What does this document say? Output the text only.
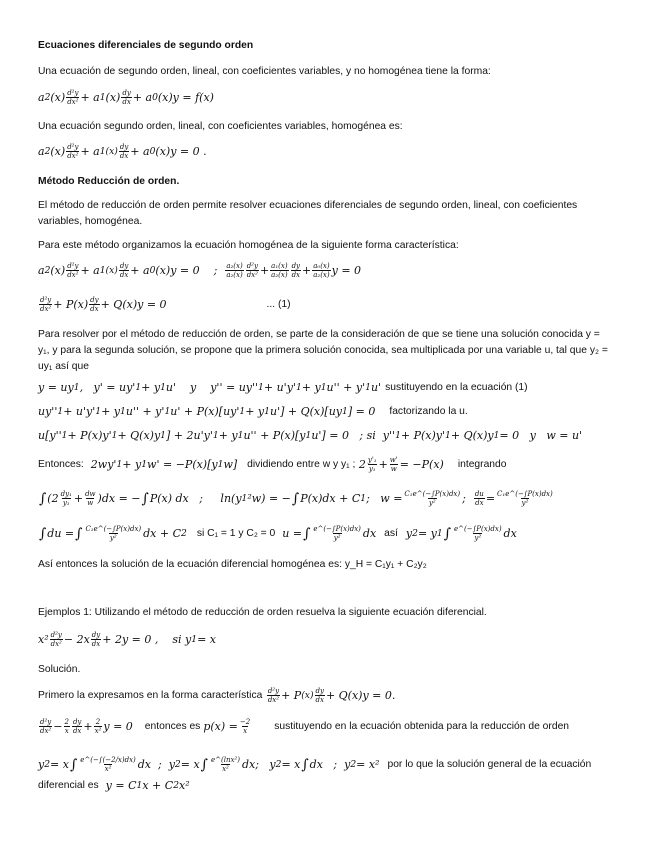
Ecuaciones diferenciales de segundo orden
Una ecuación de segundo orden, lineal, con coeficientes variables, y no homogénea tiene la forma:
a 2 (x) d²y
dx² + a 1 (x) dy
dx + a 0 (x)y = f(x)
Una ecuación segundo orden, lineal, con coeficientes variables, homogénea es:
a 2 (x) d²y
dx² + a 1(x) dy
dx + a 0 (x)y = 0 .
Método Reducción de orden.
El método de reducción de orden permite resolver ecuaciones diferenciales de segundo orden, lineal, con coeficientes variables, homogénea.
Para este método organizamos la ecuación homogénea de la siguiente forma característica:
a 2 (x) d²y
dx² + a 1(x) dy
dx + a 0 (x)y = 0    ; a₂(x)
a₂(x)
d²y
dx² + a₁(x)
a₂(x)
dy
dx + a₀(x)
a₂(x) y = 0
d²y
dx² + P(x) dy
dx + Q(x)y = 0	... (1)
Para resolver por el método de reducción de orden, se parte de la consideración de que se tiene una solución conocida y = y₁, y para la segunda solución, se propone que la primera solución conocida, sea multiplicada por una variable u, tal que y₂ = uy₁ así que
y = uy 1 ,   y' = uy' 1 + y 1 u'    y    y'' = uy'' 1 + u'y' 1 + y 1 u'' + y' 1 u' sustituyendo en la ecuación (1)
uy'' 1 + u'y' 1 + y 1 u'' + y' 1 u' + P(x)[uy' 1 + y 1 u'] + Q(x)[uy 1 ] = 0 factorizando la u.
u[y'' 1 + P(x)y' 1 + Q(x)y 1 ] + 2u'y' 1 + y 1 u'' + P(x)[y 1 u'] = 0   ; si  y'' 1 + P(x)y' 1 + Q(x)y 1 = 0   y   w = u'
Entonces: 2wy' 1 + y 1 w' = −P(x)[y 1 w] dividiendo entre w y y₁ ; 2 y'₁
y₁ + w'
w = −P(x) integrando
∫ (2 dy₁
y₁ + dw
w )dx = − ∫ P(x) dx   ;     ln(y 1 ²w) = − ∫ P(x)dx + C 1 ;   w = C₁e^(−∫P(x)dx)
y² ; du
dx = C₁e^(−∫P(x)dx)
y²
∫ du = ∫ C₁e^(−∫P(x)dx)
y² dx + C 2 si C₁ = 1 y C₂ = 0 u = ∫ e^(−∫P(x)dx)
y² dx así y 2 = y 1 ∫ e^(−∫P(x)dx)
y² dx
Así entonces la solución de la ecuación diferencial homogénea es: y_H = C₁y₁ + C₂y₂
Ejemplos 1: Utilizando el método de reducción de orden resuelva la siguiente ecuación diferencial.
x² d²y
dx² − 2x dy
dx + 2y = 0 ,    si y 1 = x
Solución.
Primero la expresamos en la forma característica
d²y
dx² + P (x) dy
dx + Q(x)y = 0.
d²y
dx² − 2
x
dy
dx + 2
x² y = 0 entonces es p(x) = −2
x	sustituyendo en la ecuación obtenida para la reducción de orden
y 2 = x ∫ e^(−∫(−2/x)dx)
x² dx  ;  y 2 = x ∫ e^(lnx²)
x² dx;   y 2 = x ∫ dx   ;  y 2 = x² por lo que la solución general de la ecuación
diferencial es y = C 1 x + C 2 x²
